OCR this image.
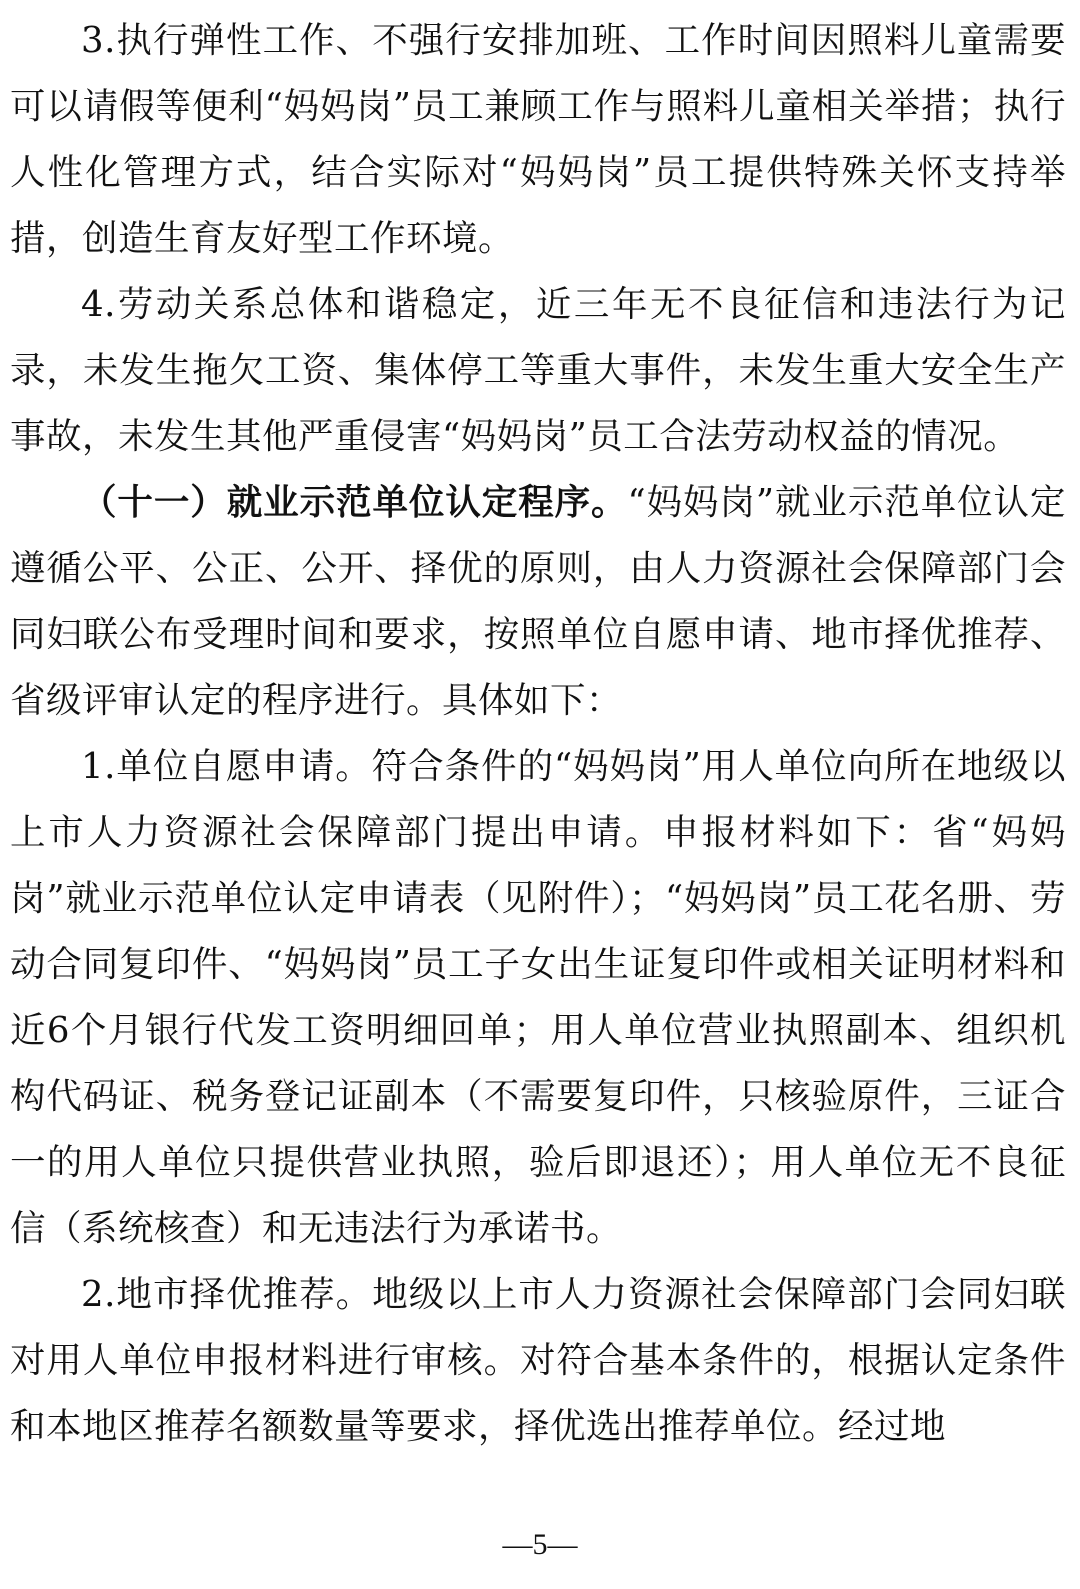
3.执行弹性工作、不强行安排加班、工作时间因照料儿童需要可以请假等便利“妈妈岗”员工兼顾工作与照料儿童相关举措；执行人性化管理方式，结合实际对“妈妈岗”员工提供特殊关怀支持举措，创造生育友好型工作环境。

4.劳动关系总体和谐稳定，近三年无不良征信和违法行为记录，未发生拖欠工资、集体停工等重大事件，未发生重大安全生产事故，未发生其他严重侵害“妈妈岗”员工合法劳动权益的情况。

（十一）就业示范单位认定程序。“妈妈岗”就业示范单位认定遵循公平、公正、公开、择优的原则，由人力资源社会保障部门会同妇联公布受理时间和要求，按照单位自愿申请、地市择优推荐、省级评审认定的程序进行。具体如下：

1.单位自愿申请。符合条件的“妈妈岗”用人单位向所在地级以上市人力资源社会保障部门提出申请。申报材料如下：省“妈妈岗”就业示范单位认定申请表（见附件）；“妈妈岗”员工花名册、劳动合同复印件、“妈妈岗”员工子女出生证复印件或相关证明材料和近6个月银行代发工资明细回单；用人单位营业执照副本、组织机构代码证、税务登记证副本（不需要复印件，只核验原件，三证合一的用人单位只提供营业执照，验后即退还）；用人单位无不良征信（系统核查）和无违法行为承诺书。

2.地市择优推荐。地级以上市人力资源社会保障部门会同妇联对用人单位申报材料进行审核。对符合基本条件的，根据认定条件和本地区推荐名额数量等要求，择优选出推荐单位。经过地

—5—
